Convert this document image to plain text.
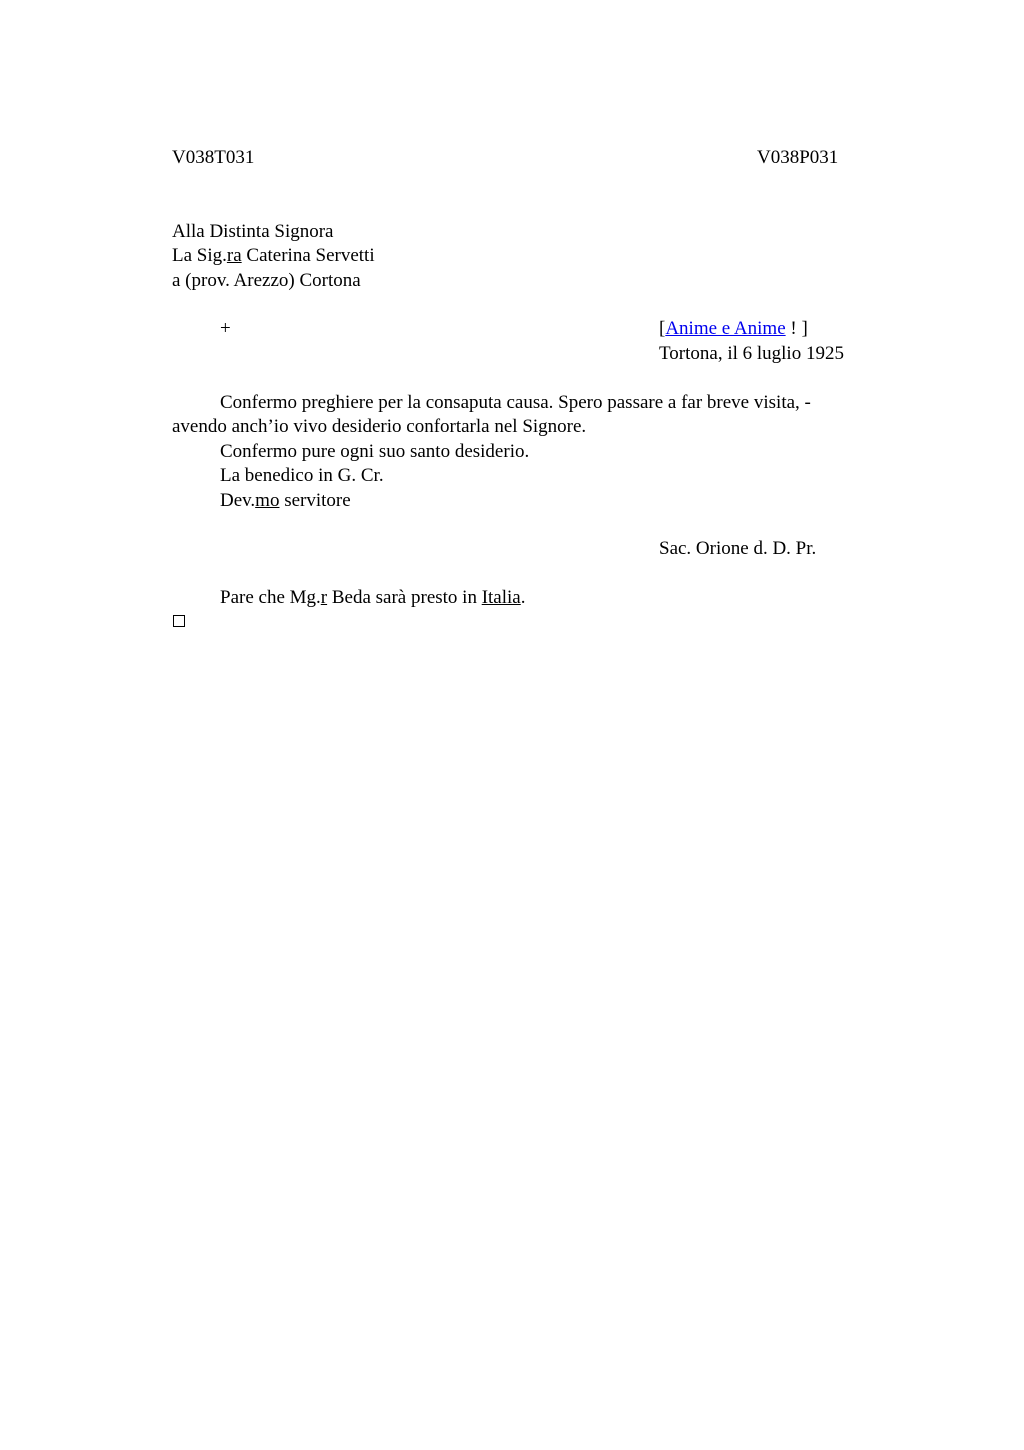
V038T031	V038P031
Alla Distinta Signora
La Sig.ra Caterina Servetti
a (prov. Arezzo) Cortona
+	[Anime e Anime ! ]
Tortona, il 6 luglio 1925
Confermo preghiere per la consaputa causa. Spero passare a far breve visita, -
avendo anch’io vivo desiderio confortarla nel Signore.
Confermo pure ogni suo santo desiderio.
La benedico in G. Cr.
Dev.mo servitore
Sac. Orione d. D. Pr.
Pare che Mg.r Beda sarà presto in Italia.
